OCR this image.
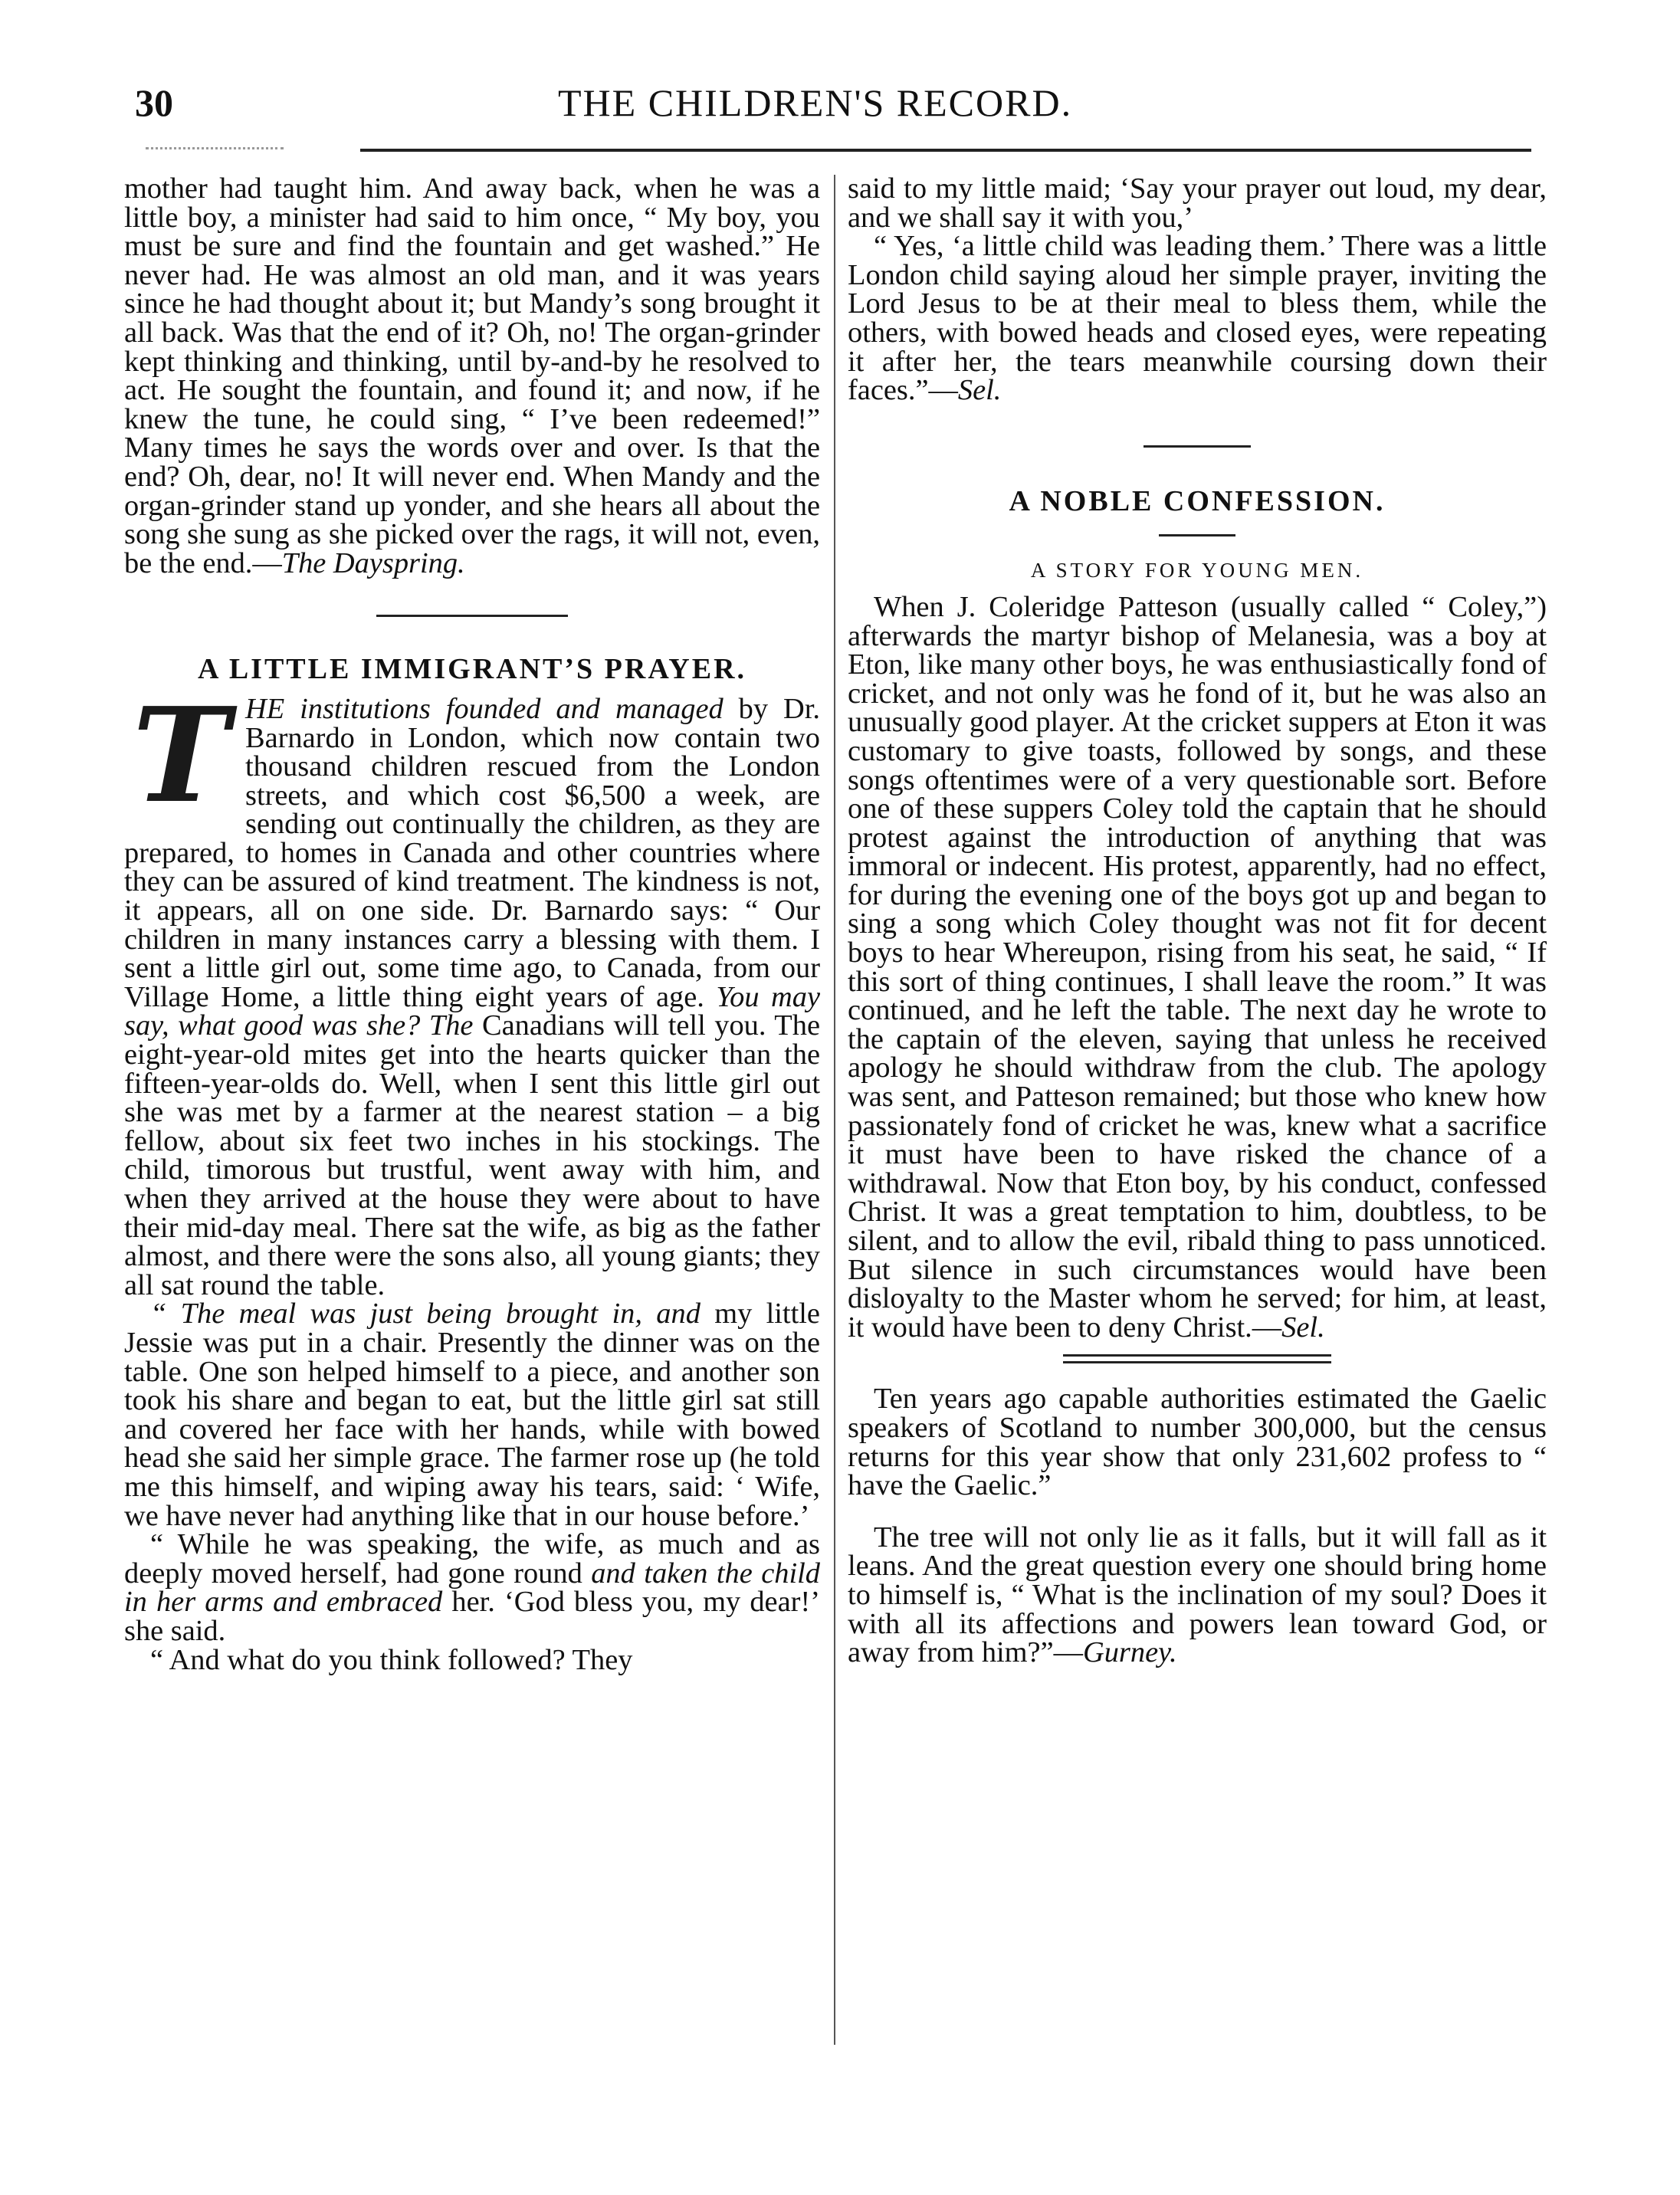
30	THE CHILDREN'S RECORD.

mother had taught him. And away back, when he was a little boy, a minister had said to him once, “ My boy, you must be sure and find the fountain and get washed.” He never had. He was almost an old man, and it was years since he had thought about it; but Mandy’s song brought it all back. Was that the end of it? Oh, no! The organ-grinder kept thinking and thinking, until by-and-by he resolved to act. He sought the fountain, and found it; and now, if he knew the tune, he could sing, “ I’ve been redeemed!” Many times he says the words over and over. Is that the end? Oh, dear, no! It will never end. When Mandy and the organ-grinder stand up yonder, and she hears all about the song she sung as she picked over the rags, it will not, even, be the end.—The Dayspring.

A LITTLE IMMIGRANT’S PRAYER.
T HE institutions founded and managed by Dr. Barnardo in London, which now contain two thousand children rescued from the London streets, and which cost $6,500 a week, are sending out continually the children, as they are prepared, to homes in Canada and other countries where they can be assured of kind treatment. The kindness is not, it appears, all on one side. Dr. Barnardo says: “ Our children in many instances carry a blessing with them. I sent a little girl out, some time ago, to Canada, from our Village Home, a little thing eight years of age. You may say, what good was she? The Canadians will tell you. The eight-year-old mites get into the hearts quicker than the fifteen-year-olds do. Well, when I sent this little girl out she was met by a farmer at the nearest station – a big fellow, about six feet two inches in his stockings. The child, timorous but trustful, went away with him, and when they arrived at the house they were about to have their mid-day meal. There sat the wife, as big as the father almost, and there were the sons also, all young giants; they all sat round the table.

“ The meal was just being brought in, and my little Jessie was put in a chair. Presently the dinner was on the table. One son helped himself to a piece, and another son took his share and began to eat, but the little girl sat still and covered her face with her hands, while with bowed head she said her simple grace. The farmer rose up (he told me this himself, and wiping away his tears, said: ‘ Wife, we have never had anything like that in our house before.’

“ While he was speaking, the wife, as much and as deeply moved herself, had gone round and taken the child in her arms and embraced her. ‘God bless you, my dear!’ she said.

“ And what do you think followed? They

said to my little maid; ‘Say your prayer out loud, my dear, and we shall say it with you,’

“ Yes, ‘a little child was leading them.’ There was a little London child saying aloud her simple prayer, inviting the Lord Jesus to be at their meal to bless them, while the others, with bowed heads and closed eyes, were repeating it after her, the tears meanwhile coursing down their faces.”—Sel.

A NOBLE CONFESSION.
A STORY FOR YOUNG MEN.

When J. Coleridge Patteson (usually called “ Coley,”) afterwards the martyr bishop of Melanesia, was a boy at Eton, like many other boys, he was enthusiastically fond of cricket, and not only was he fond of it, but he was also an unusually good player. At the cricket suppers at Eton it was customary to give toasts, followed by songs, and these songs oftentimes were of a very questionable sort. Before one of these suppers Coley told the captain that he should protest against the introduction of anything that was immoral or indecent. His protest, apparently, had no effect, for during the evening one of the boys got up and began to sing a song which Coley thought was not fit for decent boys to hear Whereupon, rising from his seat, he said, “ If this sort of thing continues, I shall leave the room.” It was continued, and he left the table. The next day he wrote to the captain of the eleven, saying that unless he received apology he should withdraw from the club. The apology was sent, and Patteson remained; but those who knew how passionately fond of cricket he was, knew what a sacrifice it must have been to have risked the chance of a withdrawal. Now that Eton boy, by his conduct, confessed Christ. It was a great temptation to him, doubtless, to be silent, and to allow the evil, ribald thing to pass unnoticed. But silence in such circumstances would have been disloyalty to the Master whom he served; for him, at least, it would have been to deny Christ.—Sel.

Ten years ago capable authorities estimated the Gaelic speakers of Scotland to number 300,000, but the census returns for this year show that only 231,602 profess to “ have the Gaelic.”

The tree will not only lie as it falls, but it will fall as it leans. And the great question every one should bring home to himself is, “ What is the inclination of my soul? Does it with all its affections and powers lean toward God, or away from him?”—Gurney.
